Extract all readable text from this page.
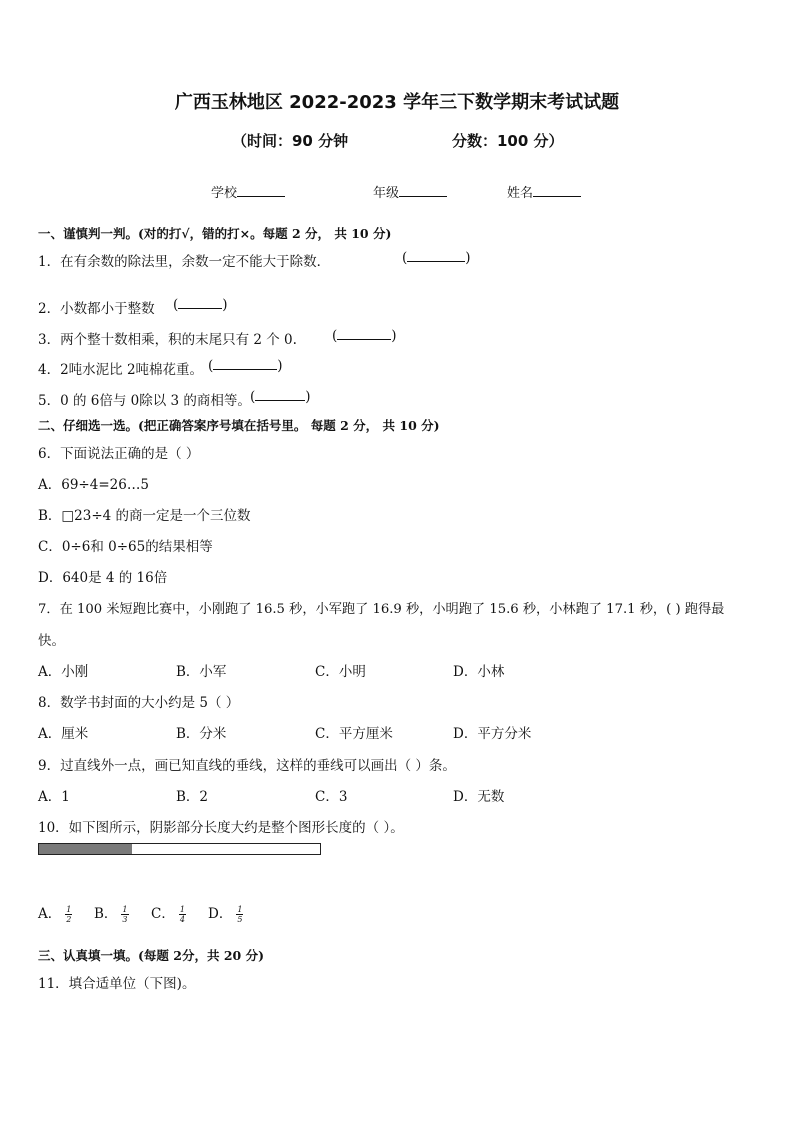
广西玉林地区 2022-2023 学年三下数学期末考试试题
（时间：90 分钟	分数：100 分）
学校	年级	姓名
一、谨慎判一判。(对的打√，错的打×。每题 2 分， 共 10 分)
1．在有余数的除法里，余数一定不能大于除数．	(	)
2．小数都小于整数 (	)
3．两个整十数相乘，积的末尾只有 2 个 0.	(	)
4．2吨水泥比 2吨棉花重。 (	)
5．0 的 6倍与 0除以 3 的商相等。 (	)
二、仔细选一选。(把正确答案序号填在括号里。 每题 2 分， 共 10 分)
6．下面说法正确的是（ ）
A．69÷4=26…5
B．□23÷4 的商一定是一个三位数
C．0÷6和 0÷65的结果相等
D．640是 4 的 16倍
7．在 100 米短跑比赛中，小刚跑了 16.5 秒，小军跑了 16.9 秒，小明跑了 15.6 秒，小林跑了 17.1 秒，( ) 跑得最
快。
A．小刚	B．小军	C．小明	D．小林
8．数学书封面的大小约是 5（ ）
A．厘米	B．分米	C．平方厘米	D．平方分米
9．过直线外一点，画已知直线的垂线，这样的垂线可以画出（ ）条。
A．1	B．2	C．3	D．无数
10．如下图所示，阴影部分长度大约是整个图形长度的（ ）。
A． $\frac{1}{2}$ B． $\frac{1}{3}$ C． $\frac{1}{4}$ D． $\frac{1}{5}$
三、认真填一填。(每题 2分，共 20 分)
11．填合适单位（下图)。
